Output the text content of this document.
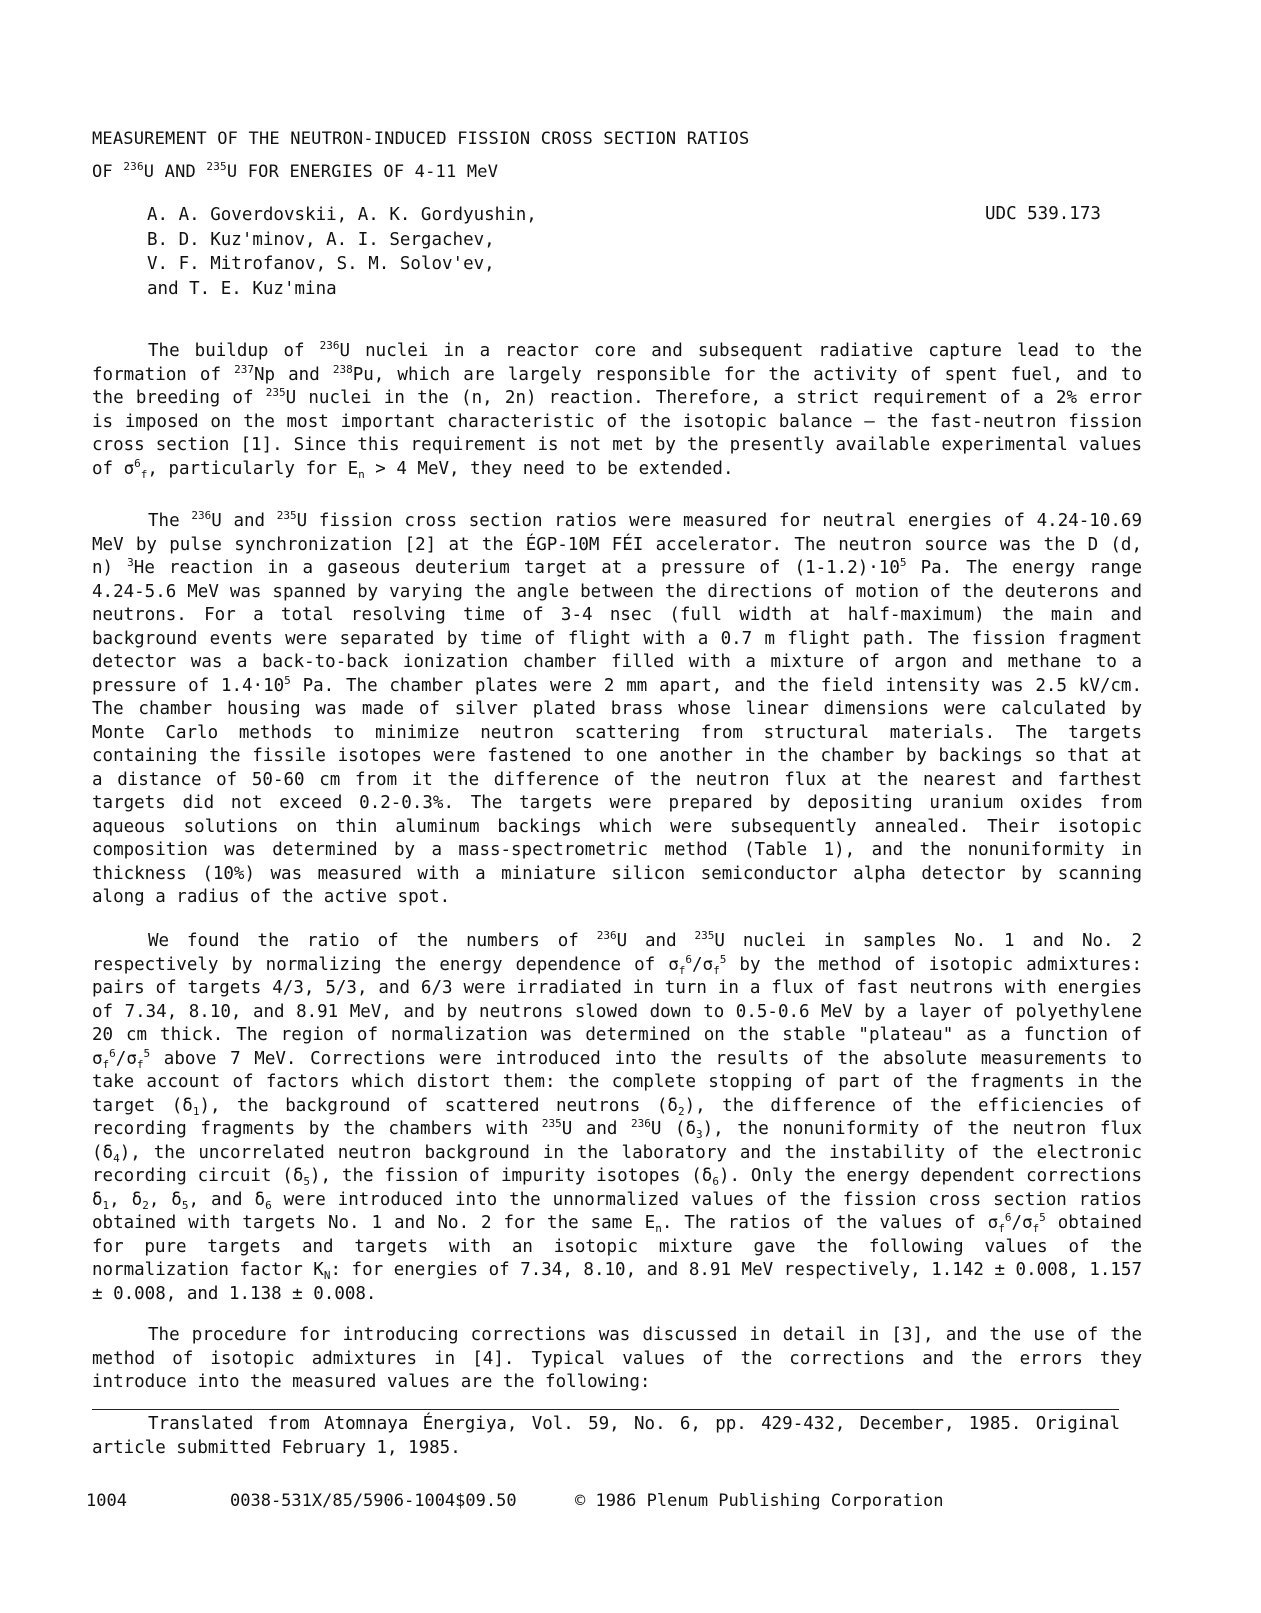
MEASUREMENT OF THE NEUTRON-INDUCED FISSION CROSS SECTION RATIOS
OF $^{236}$U AND $^{235}$U FOR ENERGIES OF 4-11 MeV
A. A. Goverdovskii, A. K. Gordyushin,
B. D. Kuz'minov, A. I. Sergachev,
V. F. Mitrofanov, S. M. Solov'ev,
and T. E. Kuz'mina
UDC 539.173

The buildup of $^{236}$U nuclei in a reactor core and subsequent radiative capture lead to the formation of $^{237}$Np and $^{238}$Pu, which are largely responsible for the activity of spent fuel, and to the breeding of $^{235}$U nuclei in the (n, 2n) reaction. Therefore, a strict requirement of a 2% error is imposed on the most important characteristic of the isotopic balance — the fast-neutron fission cross section [1]. Since this requirement is not met by the presently available experimental values of $\sigma^6_f$, particularly for $E_n > 4$ MeV, they need to be extended.

The $^{236}$U and $^{235}$U fission cross section ratios were measured for neutral energies of 4.24-10.69 MeV by pulse synchronization [2] at the ÉGP-10M FÉI accelerator. The neutron source was the D (d, n) $^3$He reaction in a gaseous deuterium target at a pressure of $(1-1.2)\cdot 10^5$ Pa. The energy range 4.24-5.6 MeV was spanned by varying the angle between the directions of motion of the deuterons and neutrons. For a total resolving time of 3-4 nsec (full width at half-maximum) the main and background events were separated by time of flight with a 0.7 m flight path. The fission fragment detector was a back-to-back ionization chamber filled with a mixture of argon and methane to a pressure of $1.4\cdot 10^5$ Pa. The chamber plates were 2 mm apart, and the field intensity was 2.5 kV/cm. The chamber housing was made of silver plated brass whose linear dimensions were calculated by Monte Carlo methods to minimize neutron scattering from structural materials. The targets containing the fissile isotopes were fastened to one another in the chamber by backings so that at a distance of 50-60 cm from it the difference of the neutron flux at the nearest and farthest targets did not exceed 0.2-0.3%. The targets were prepared by depositing uranium oxides from aqueous solutions on thin aluminum backings which were subsequently annealed. Their isotopic composition was determined by a mass-spectrometric method (Table 1), and the nonuniformity in thickness (10%) was measured with a miniature silicon semiconductor alpha detector by scanning along a radius of the active spot.

We found the ratio of the numbers of $^{236}$U and $^{235}$U nuclei in samples No. 1 and No. 2 respectively by normalizing the energy dependence of $\sigma_f^6/\sigma_f^5$ by the method of isotopic admixtures: pairs of targets 4/3, 5/3, and 6/3 were irradiated in turn in a flux of fast neutrons with energies of 7.34, 8.10, and 8.91 MeV, and by neutrons slowed down to 0.5-0.6 MeV by a layer of polyethylene 20 cm thick. The region of normalization was determined on the stable "plateau" as a function of $\sigma_f^6/\sigma_f^5$ above 7 MeV. Corrections were introduced into the results of the absolute measurements to take account of factors which distort them: the complete stopping of part of the fragments in the target $(\delta_1)$, the background of scattered neutrons $(\delta_2)$, the difference of the efficiencies of recording fragments by the chambers with $^{235}$U and $^{236}$U $(\delta_3)$, the nonuniformity of the neutron flux $(\delta_4)$, the uncorrelated neutron background in the laboratory and the instability of the electronic recording circuit $(\delta_5)$, the fission of impurity isotopes $(\delta_6)$. Only the energy dependent corrections $\delta_1$, $\delta_2$, $\delta_5$, and $\delta_6$ were introduced into the unnormalized values of the fission cross section ratios obtained with targets No. 1 and No. 2 for the same $E_n$. The ratios of the values of $\sigma_f^6/\sigma_f^5$ obtained for pure targets and targets with an isotopic mixture gave the following values of the normalization factor $K_N$: for energies of 7.34, 8.10, and 8.91 MeV respectively, 1.142 ± 0.008, 1.157 ± 0.008, and 1.138 ± 0.008.

The procedure for introducing corrections was discussed in detail in [3], and the use of the method of isotopic admixtures in [4]. Typical values of the corrections and the errors they introduce into the measured values are the following:

Translated from Atomnaya Énergiya, Vol. 59, No. 6, pp. 429-432, December, 1985. Original article submitted February 1, 1985.
1004	0038-531X/85/5906-1004$09.50	© 1986 Plenum Publishing Corporation
